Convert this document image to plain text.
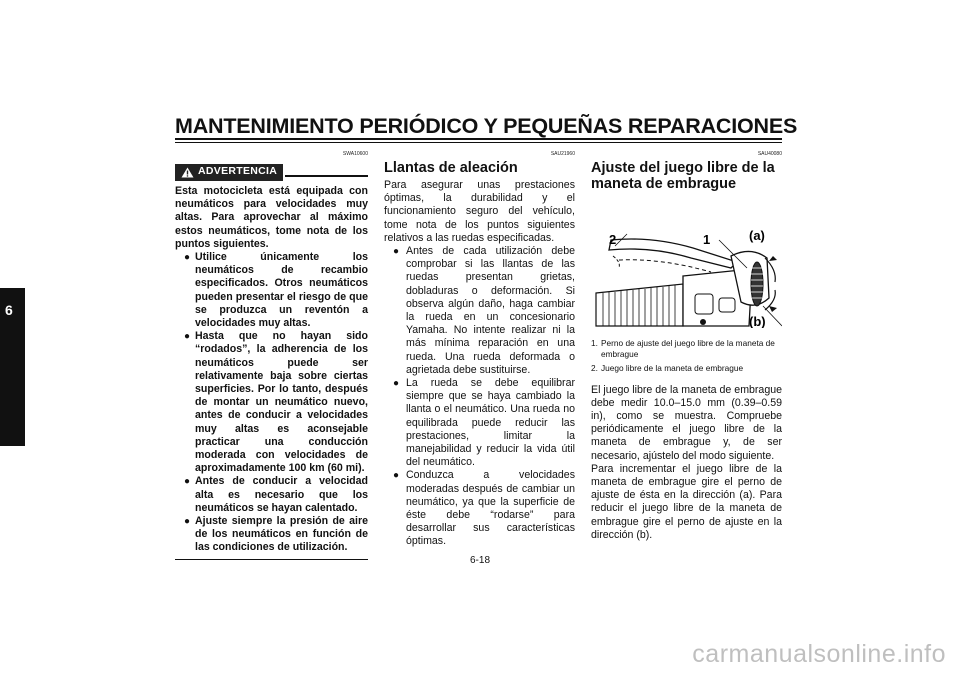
MANTENIMIENTO PERIÓDICO Y PEQUEÑAS REPARACIONES
6
SWA10600
ADVERTENCIA
Esta motocicleta está equipada con neumáticos para velocidades muy altas. Para aprovechar al máximo estos neumáticos, tome nota de los puntos siguientes.
● Utilice únicamente los neumáticos de recambio especificados. Otros neumáticos pueden presentar el riesgo de que se produzca un reventón a velocidades muy altas.
● Hasta que no hayan sido “rodados”, la adherencia de los neumáticos puede ser relativamente baja sobre ciertas superficies. Por lo tanto, después de montar un neumático nuevo, antes de conducir a velocidades muy altas es aconsejable practicar una conducción moderada con velocidades de aproximadamente 100 km (60 mi).
● Antes de conducir a velocidad alta es necesario que los neumáticos se hayan calentado.
● Ajuste siempre la presión de aire de los neumáticos en función de las condiciones de utilización.
SAU21960
Llantas de aleación
Para asegurar unas prestaciones óptimas, la durabilidad y el funcionamiento seguro del vehículo, tome nota de los puntos siguientes relativos a las ruedas especificadas.
● Antes de cada utilización debe comprobar si las llantas de las ruedas presentan grietas, dobladuras o deformación. Si observa algún daño, haga cambiar la rueda en un concesionario Yamaha. No intente realizar ni la más mínima reparación en una rueda. Una rueda deformada o agrietada debe sustituirse.
● La rueda se debe equilibrar siempre que se haya cambiado la llanta o el neumático. Una rueda no equilibrada puede reducir las prestaciones, limitar la manejabilidad y reducir la vida útil del neumático.
● Conduzca a velocidades moderadas después de cambiar un neumático, ya que la superficie de éste debe “rodarse” para desarrollar sus características óptimas.
SAU40080
Ajuste del juego libre de la maneta de embrague
2	1	(a)
(b)
1. Perno de ajuste del juego libre de la maneta de embrague
2. Juego libre de la maneta de embrague
El juego libre de la maneta de embrague debe medir 10.0–15.0 mm (0.39–0.59 in), como se muestra. Compruebe periódicamente el juego libre de la maneta de embrague y, de ser necesario, ajústelo del modo siguiente.
Para incrementar el juego libre de la maneta de embrague gire el perno de ajuste de ésta en la dirección (a). Para reducir el juego libre de la maneta de embrague gire el perno de ajuste en la dirección (b).
6-18
carmanualsonline.info
